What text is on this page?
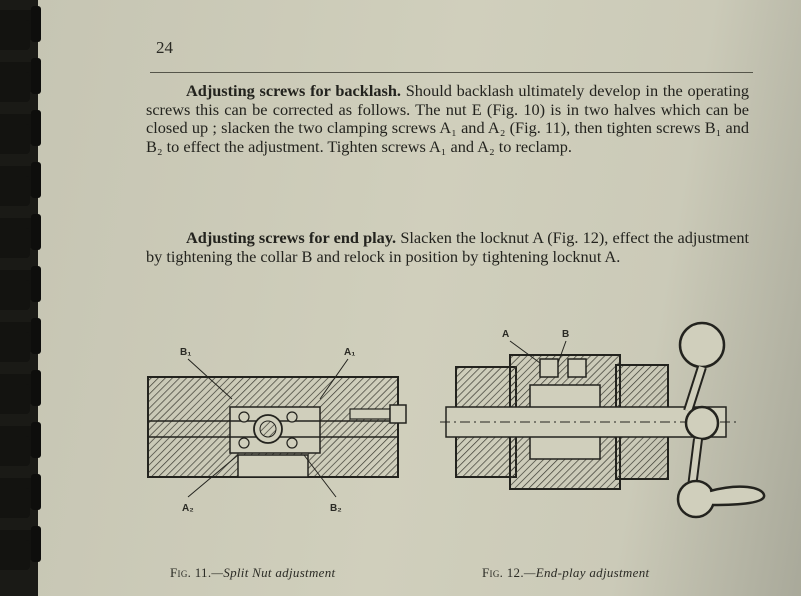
24

Adjusting screws for backlash. Should backlash ultimately develop in the operating screws this can be corrected as follows. The nut E (Fig. 10) is in two halves which can be closed up ; slacken the two clamping screws A₁ and A₂ (Fig. 11), then tighten screws B₁ and B₂ to effect the adjustment. Tighten screws A₁ and A₂ to reclamp.

Adjusting screws for end play. Slacken the locknut A (Fig. 12), effect the adjustment by tightening the collar B and relock in position by tightening locknut A.

B₁	A₁
A₂	B₂
A	B
Fig. 11.—Split Nut adjustment	Fig. 12.—End-play adjustment
